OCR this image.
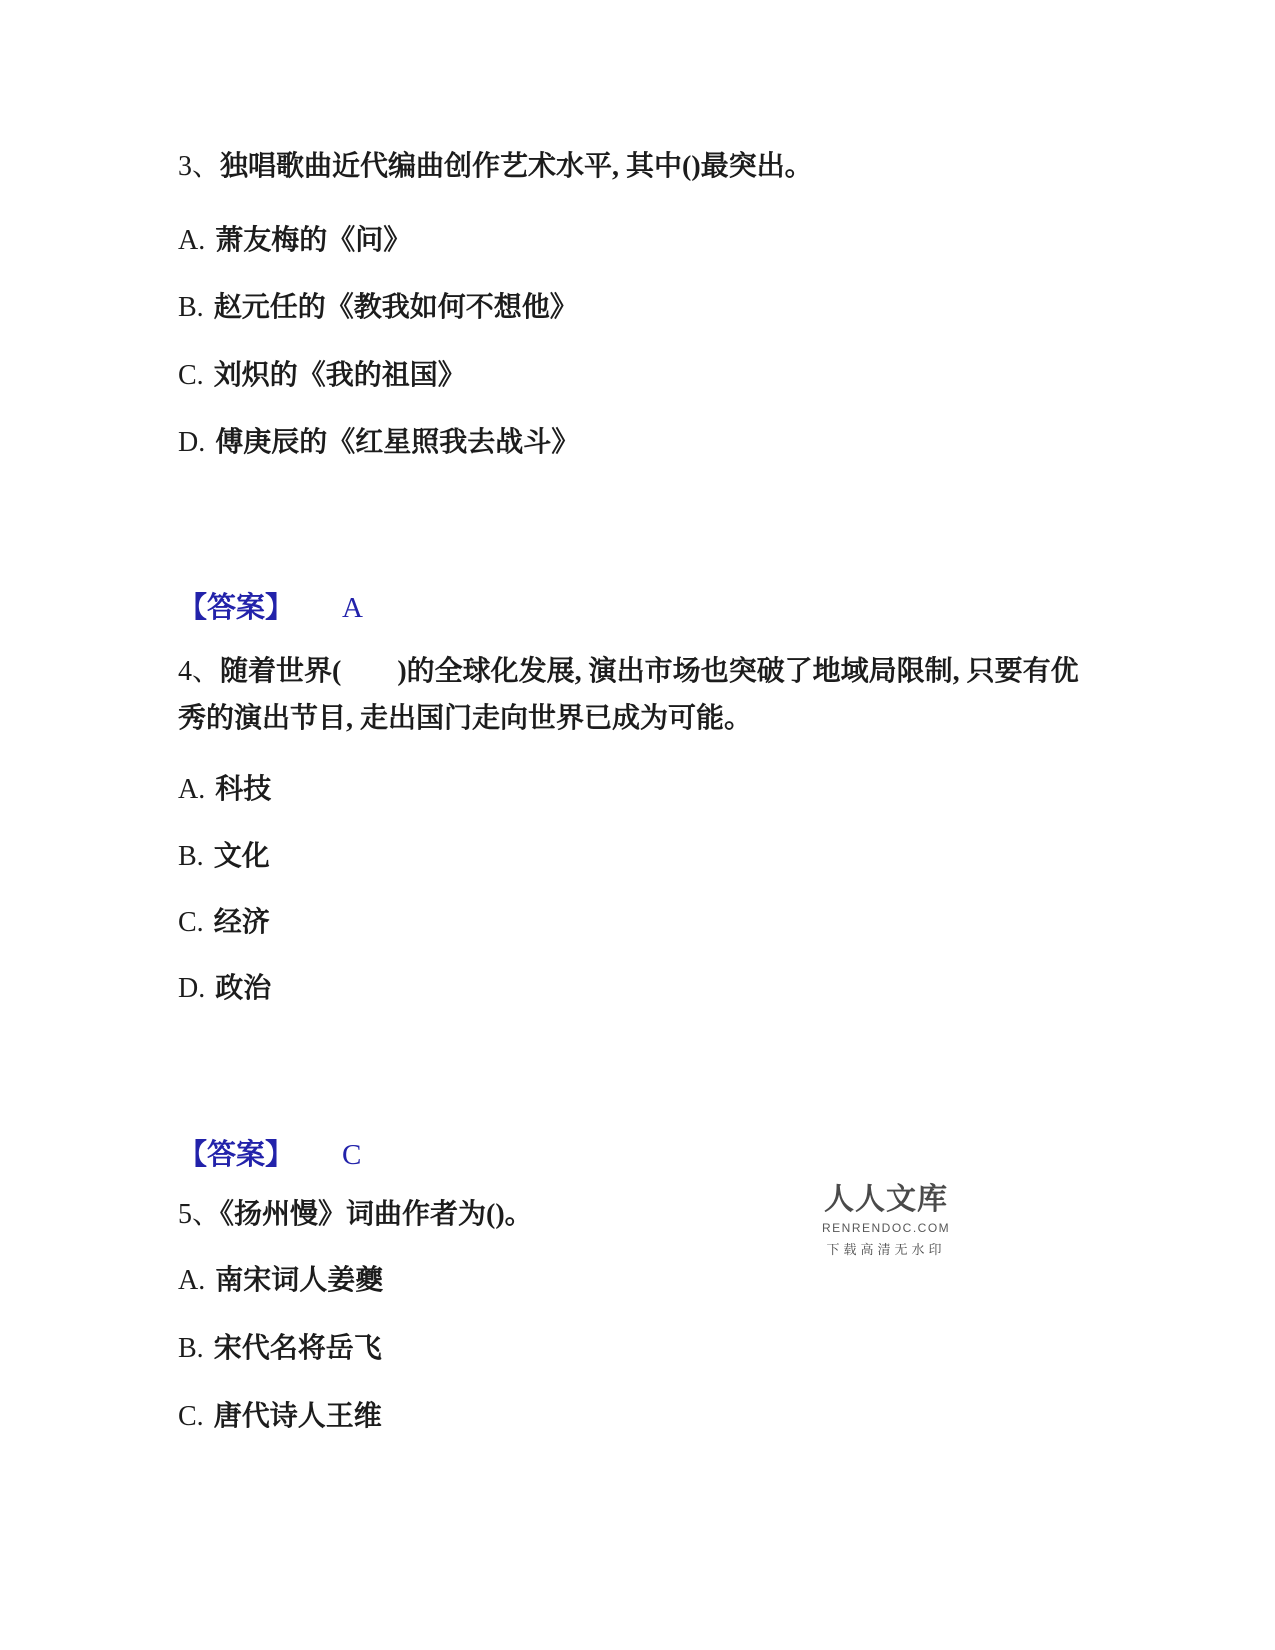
3、独唱歌曲近代编曲创作艺术水平, 其中()最突出。
A. 萧友梅的《问》
B. 赵元任的《教我如何不想他》
C. 刘炽的《我的祖国》
D. 傅庚辰的《红星照我去战斗》
【答案】 A
4、随着世界(　　)的全球化发展, 演出市场也突破了地域局限制, 只要有优秀的演出节目, 走出国门走向世界已成为可能。
A. 科技
B. 文化
C. 经济
D. 政治
【答案】 C
5、《扬州慢》词曲作者为()。
A. 南宋词人姜夔
B. 宋代名将岳飞
C. 唐代诗人王维
人人文库
RENRENDOC.COM
下载高清无水印
